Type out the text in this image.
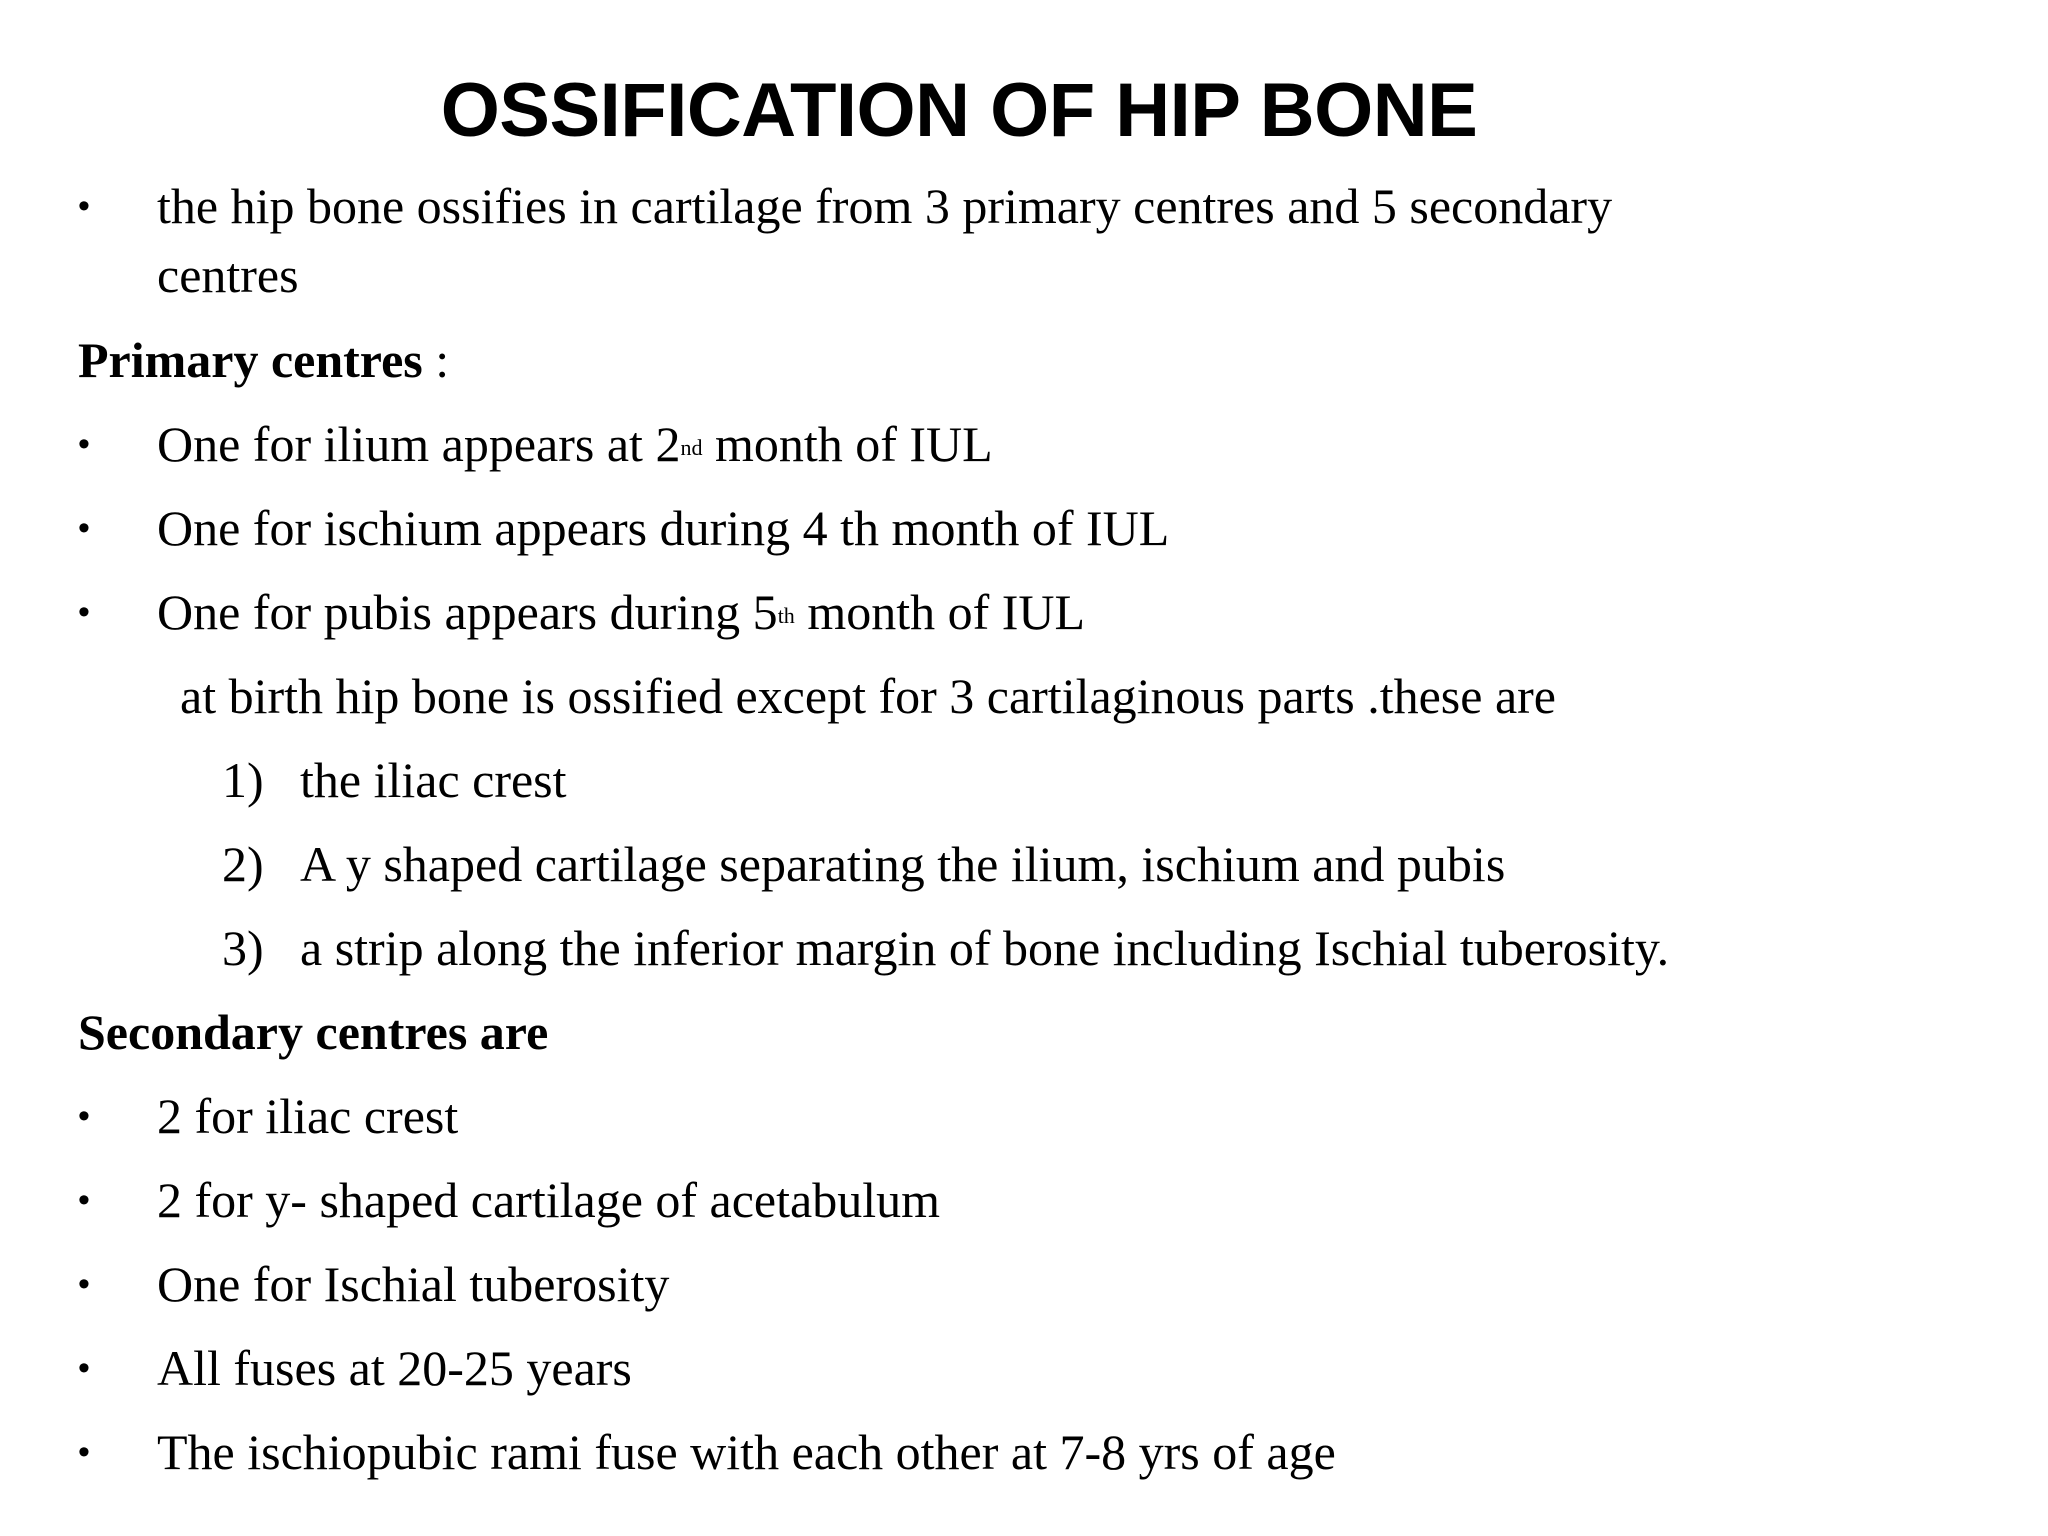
OSSIFICATION OF HIP BONE
• the hip bone ossifies in cartilage from 3 primary centres and 5 secondary
centres
Primary centres :
• One for ilium appears at 2nd month of IUL
• One for ischium appears during 4 th month of IUL
• One for pubis appears during 5th month of IUL
at birth hip bone is ossified except for 3 cartilaginous parts .these are
1) the iliac crest
2) A y shaped cartilage separating the ilium, ischium and pubis
3) a strip along the inferior margin of bone including Ischial tuberosity.
Secondary centres are
• 2 for iliac crest
• 2 for y- shaped cartilage of acetabulum
• One for Ischial tuberosity
• All fuses at 20-25 years
• The ischiopubic rami fuse with each other at 7-8 yrs of age
